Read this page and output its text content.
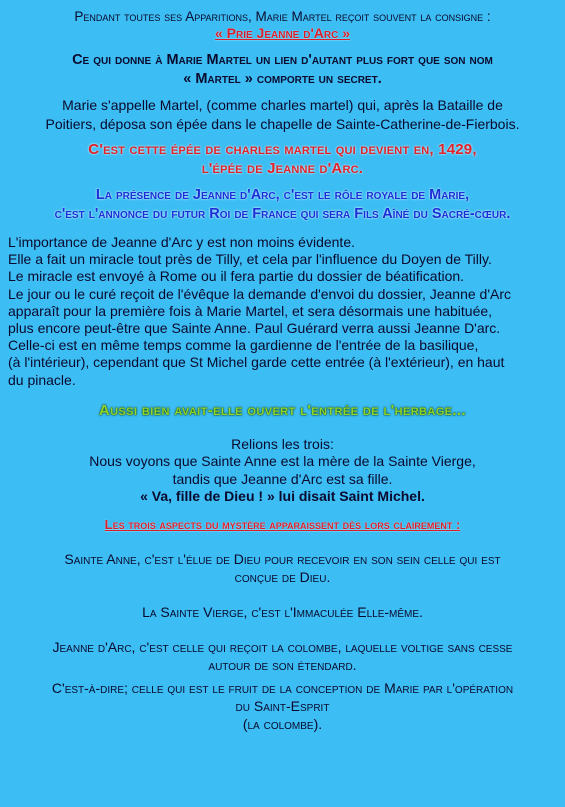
Pendant toutes ses Apparitions, Marie Martel reçoit souvent la consigne :

« Prie Jeanne d'Arc »

Ce qui donne à Marie Martel un lien d'autant plus fort que son nom

« Martel » comporte un secret.

Marie s'appelle Martel, (comme charles martel) qui, après la Bataille de

Poitiers, déposa son épée dans le chapelle de Sainte-Catherine-de-Fierbois.

C'est cette épée de charles martel qui devient en, 1429,

l'épée de Jeanne d'Arc.

La présence de Jeanne d'Arc, c'est le rôle royale de Marie,

c'est l'annonce du futur Roi de France qui sera Fils Aîné du Sacré-cœur.

L'importance de Jeanne d'Arc y est non moins évidente.

Elle a fait un miracle tout près de Tilly, et cela par l'influence du Doyen de Tilly.

Le miracle est envoyé à Rome ou il fera partie du dossier de béatification.

Le jour ou le curé reçoit de l'évêque la demande d'envoi du dossier, Jeanne d'Arc

apparaît pour la première fois à Marie Martel, et sera désormais une habituée,

plus encore peut-être que Sainte Anne. Paul Guérard verra aussi Jeanne D'arc.

Celle-ci est en même temps comme la gardienne de l'entrée de la basilique,

(à l'intérieur), cependant que St Michel garde cette entrée (à l'extérieur), en haut

du pinacle.

Aussi bien avait-elle ouvert l'entrée de l'herbage...

Relions les trois:

Nous voyons que Sainte Anne est la mère de la Sainte Vierge,

tandis que Jeanne d'Arc est sa fille.

« Va, fille de Dieu ! » lui disait Saint Michel.

Les trois aspects du mystère apparaissent dès lors clairement :

Sainte Anne, c'est l'élue de Dieu pour recevoir en son sein celle qui est

conçue de Dieu.

La Sainte Vierge, c'est l'Immaculée Elle-même.

Jeanne d'Arc, c'est celle qui reçoit la colombe, laquelle voltige sans cesse

autour de son étendard.

C'est-à-dire; celle qui est le fruit de la conception de Marie par l'opération

du Saint-Esprit

(la colombe).
